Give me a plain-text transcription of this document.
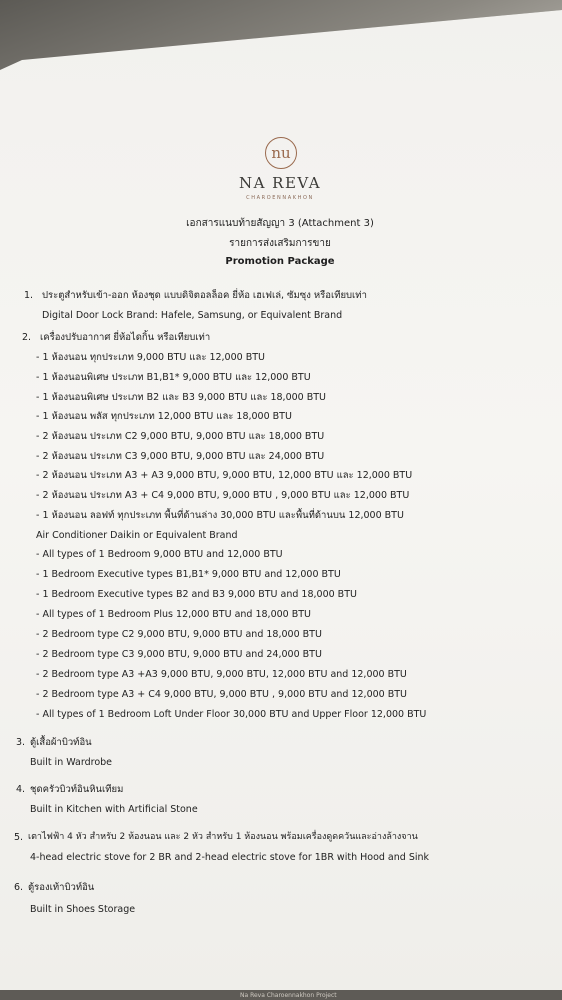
nu
NA REVA
CHAROENNAKHON
เอกสารแนบท้ายสัญญา 3 (Attachment 3)
รายการส่งเสริมการขาย
Promotion Package
1. ประตูสำหรับเข้า-ออก ห้องชุด แบบดิจิตอลล็อค ยี่ห้อ เฮเฟเล่, ซัมซุง หรือเทียบเท่า
Digital Door Lock Brand: Hafele, Samsung, or Equivalent Brand
2. เครื่องปรับอากาศ ยี่ห้อไดกิ้น หรือเทียบเท่า
- 1 ห้องนอน ทุกประเภท 9,000 BTU และ 12,000 BTU
- 1 ห้องนอนพิเศษ ประเภท B1,B1* 9,000 BTU และ 12,000 BTU
- 1 ห้องนอนพิเศษ ประเภท B2 และ B3 9,000 BTU และ 18,000 BTU
- 1 ห้องนอน พลัส ทุกประเภท 12,000 BTU และ 18,000 BTU
- 2 ห้องนอน ประเภท C2 9,000 BTU, 9,000 BTU และ 18,000 BTU
- 2 ห้องนอน ประเภท C3 9,000 BTU, 9,000 BTU และ 24,000 BTU
- 2 ห้องนอน ประเภท A3 + A3 9,000 BTU, 9,000 BTU, 12,000 BTU และ 12,000 BTU
- 2 ห้องนอน ประเภท A3 + C4 9,000 BTU, 9,000 BTU , 9,000 BTU และ 12,000 BTU
- 1 ห้องนอน ลอฟท์ ทุกประเภท พื้นที่ด้านล่าง 30,000 BTU และพื้นที่ด้านบน 12,000 BTU
Air Conditioner Daikin or Equivalent Brand
- All types of 1 Bedroom 9,000 BTU and 12,000 BTU
- 1 Bedroom Executive types B1,B1* 9,000 BTU and 12,000 BTU
- 1 Bedroom Executive types B2 and B3 9,000 BTU and 18,000 BTU
- All types of 1 Bedroom Plus 12,000 BTU and 18,000 BTU
- 2 Bedroom type C2 9,000 BTU, 9,000 BTU and 18,000 BTU
- 2 Bedroom type C3 9,000 BTU, 9,000 BTU and 24,000 BTU
- 2 Bedroom type A3 +A3 9,000 BTU, 9,000 BTU, 12,000 BTU and 12,000 BTU
- 2 Bedroom type A3 + C4 9,000 BTU, 9,000 BTU , 9,000 BTU and 12,000 BTU
- All types of 1 Bedroom Loft Under Floor 30,000 BTU and Upper Floor 12,000 BTU
3. ตู้เสื้อผ้าบิวท์อิน
Built in Wardrobe
4. ชุดครัวบิวท์อินหินเทียม
Built in Kitchen with Artificial Stone
5. เตาไฟฟ้า 4 หัว สำหรับ 2 ห้องนอน และ 2 หัว สำหรับ 1 ห้องนอน พร้อมเครื่องดูดควันและอ่างล้างจาน
4-head electric stove for 2 BR and 2-head electric stove for 1BR with Hood and Sink
6. ตู้รองเท้าบิวท์อิน
Built in Shoes Storage
Na Reva Charoennakhon Project
